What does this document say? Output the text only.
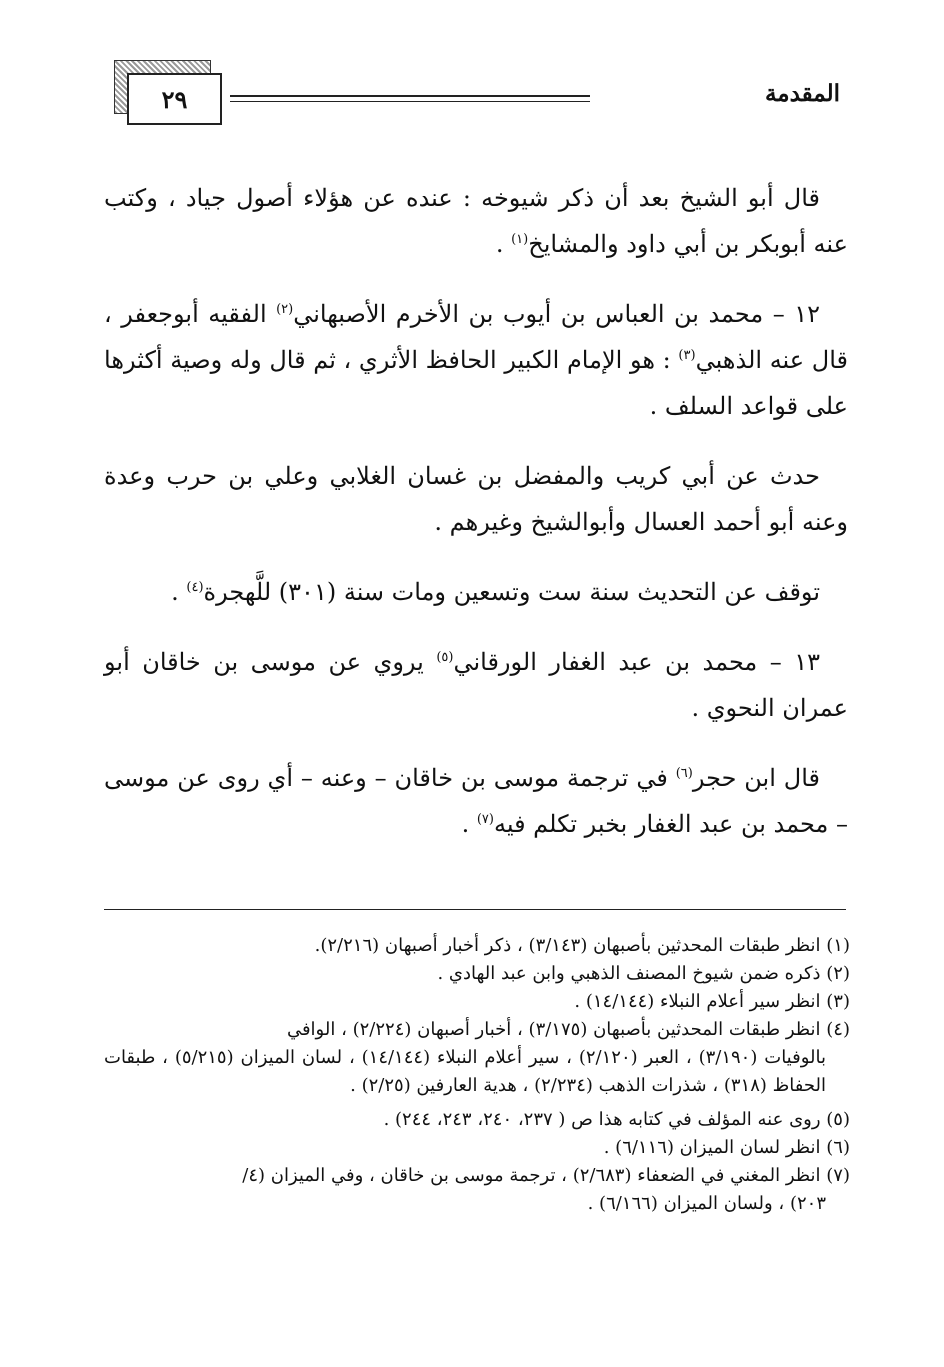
٢٩	المقدمة

قال أبو الشيخ بعد أن ذكر شيوخه : عنده عن هؤلاء أصول جياد ، وكتب عنه أبوبكر بن أبي داود والمشايخ$^{(١)}$ .

١٢ – محمد بن العباس بن أيوب بن الأخرم الأصبهاني$^{(٢)}$ الفقيه أبوجعفر ، قال عنه الذهبي$^{(٣)}$ : هو الإمام الكبير الحافظ الأثري ، ثم قال وله وصية أكثرها على قواعد السلف .

حدث عن أبي كريب والمفضل بن غسان الغلابي وعلي بن حرب وعدة وعنه أبو أحمد العسال وأبوالشيخ وغيرهم .

توقف عن التحديث سنة ست وتسعين ومات سنة (٣٠١) للَّهجرة$^{(٤)}$ .

١٣ – محمد بن عبد الغفار الورقاني$^{(٥)}$ يروي عن موسى بن خاقان أبو عمران النحوي .

قال ابن حجر$^{(٦)}$ في ترجمة موسى بن خاقان – وعنه – أي روى عن موسى – محمد بن عبد الغفار بخبر تكلم فيه$^{(٧)}$ .

(١) انظر طبقات المحدثين بأصبهان (٣/١٤٣) ، ذكر أخبار أصبهان (٢/٢١٦).

(٢) ذكره ضمن شيوخ المصنف الذهبي وابن عبد الهادي .

(٣) انظر سير أعلام النبلاء (١٤/١٤٤) .

(٤) انظر طبقات المحدثين بأصبهان (٣/١٧٥) ، أخبار أصبهان (٢/٢٢٤) ، الوافي
بالوفيات (٣/١٩٠) ، العبر (٢/١٢٠) ، سير أعلام النبلاء (١٤/١٤٤) ، لسان الميزان (٥/٢١٥) ، طبقات الحفاظ (٣١٨) ، شذرات الذهب (٢/٢٣٤) ، هدية العارفين (٢/٢٥) .

(٥) روى عنه المؤلف في كتابه هذا ص ( ٢٣٧، ٢٤٠، ٢٤٣، ٢٤٤) .

(٦) انظر لسان الميزان (٦/١١٦) .

(٧) انظر المغني في الضعفاء (٢/٦٨٣) ، ترجمة موسى بن خاقان ، وفي الميزان (٤/
٢٠٣) ، ولسان الميزان (٦/١٦٦) .
